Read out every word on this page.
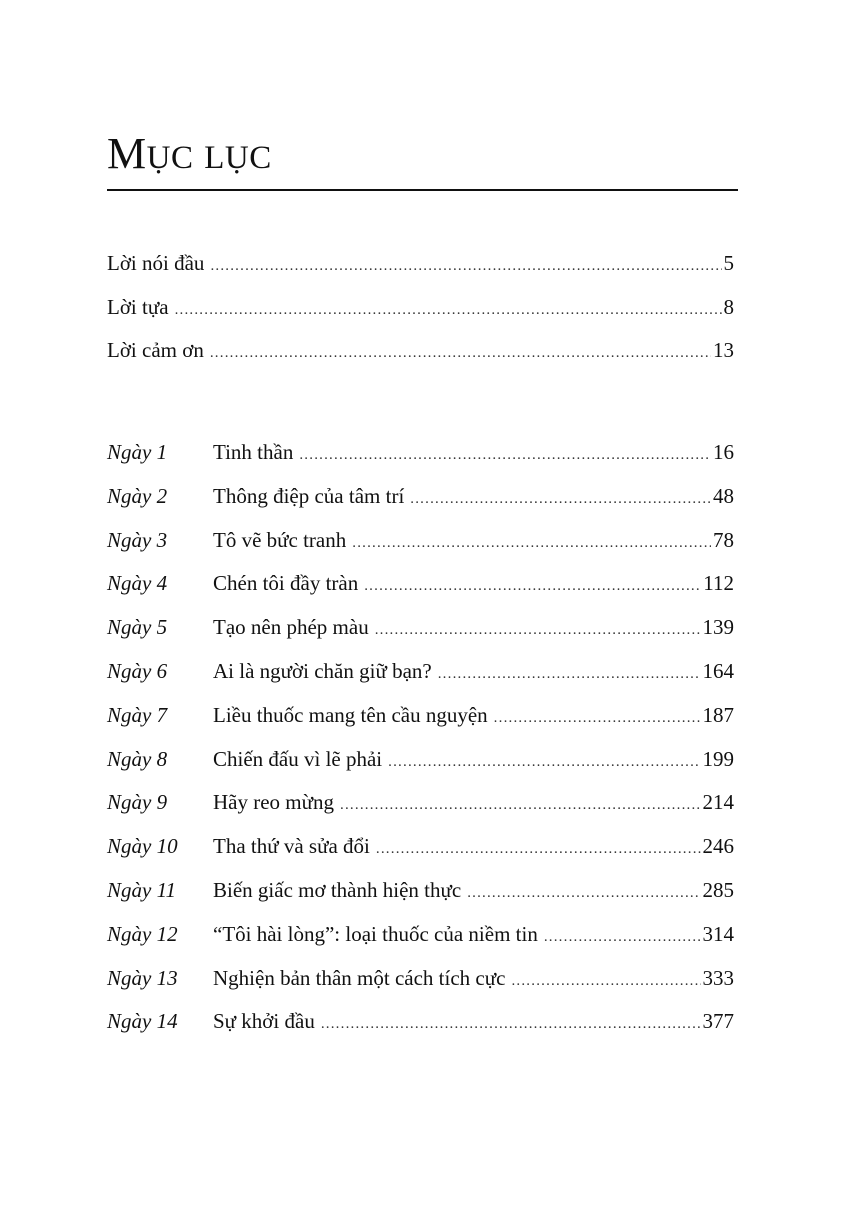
MỤC LỤC
Lời nói đầu .....	5
Lời tựa .....	8
Lời cảm ơn .....	13
Ngày 1	Tinh thần .....	16
Ngày 2	Thông điệp của tâm trí .....	48
Ngày 3	Tô vẽ bức tranh .....	78
Ngày 4	Chén tôi đầy tràn .....	112
Ngày 5	Tạo nên phép màu .....	139
Ngày 6	Ai là người chăn giữ bạn? .....	164
Ngày 7	Liều thuốc mang tên cầu nguyện .....	187
Ngày 8	Chiến đấu vì lẽ phải .....	199
Ngày 9	Hãy reo mừng .....	214
Ngày 10	Tha thứ và sửa đổi .....	246
Ngày 11	Biến giấc mơ thành hiện thực .....	285
Ngày 12	“Tôi hài lòng”: loại thuốc của niềm tin .....	314
Ngày 13	Nghiện bản thân một cách tích cực .....	333
Ngày 14	Sự khởi đầu .....	377
